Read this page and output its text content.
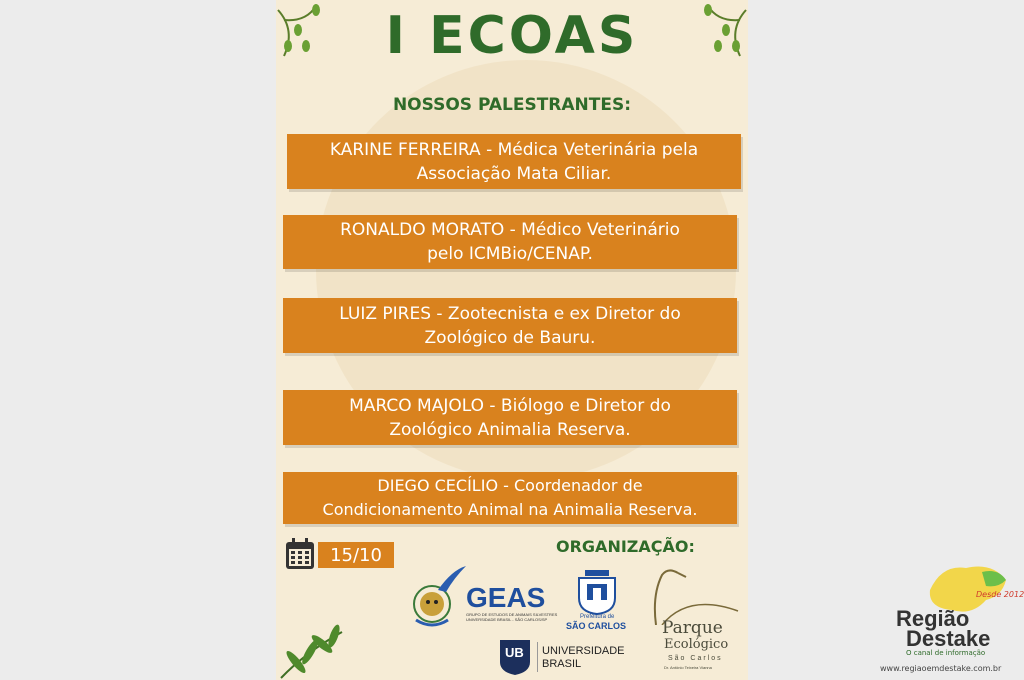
I ECOAS
NOSSOS PALESTRANTES:
KARINE FERREIRA - Médica Veterinária pela
Associação Mata Ciliar.
RONALDO MORATO - Médico Veterinário
pelo ICMBio/CENAP.
LUIZ PIRES - Zootecnista e ex Diretor do
Zoológico de Bauru.
MARCO MAJOLO - Biólogo e Diretor do
Zoológico Animalia Reserva.
DIEGO CECÍLIO - Coordenador de
Condicionamento Animal na Animalia Reserva.
15/10	ORGANIZAÇÃO:
GEAS
GRUPO DE ESTUDOS DE ANIMAIS SILVESTRES
UNIVERSIDADE BRASIL - SÃO CARLOS/SP	Prefeitura de
SÃO CARLOS
UB UNIVERSIDADE
BRASIL
Parque
Ecológico
São Carlos
Dr. Antônio Teixeira Vianna
Desde 2012
Região
Destake
O canal de informação
www.regiaoemdestake.com.br
